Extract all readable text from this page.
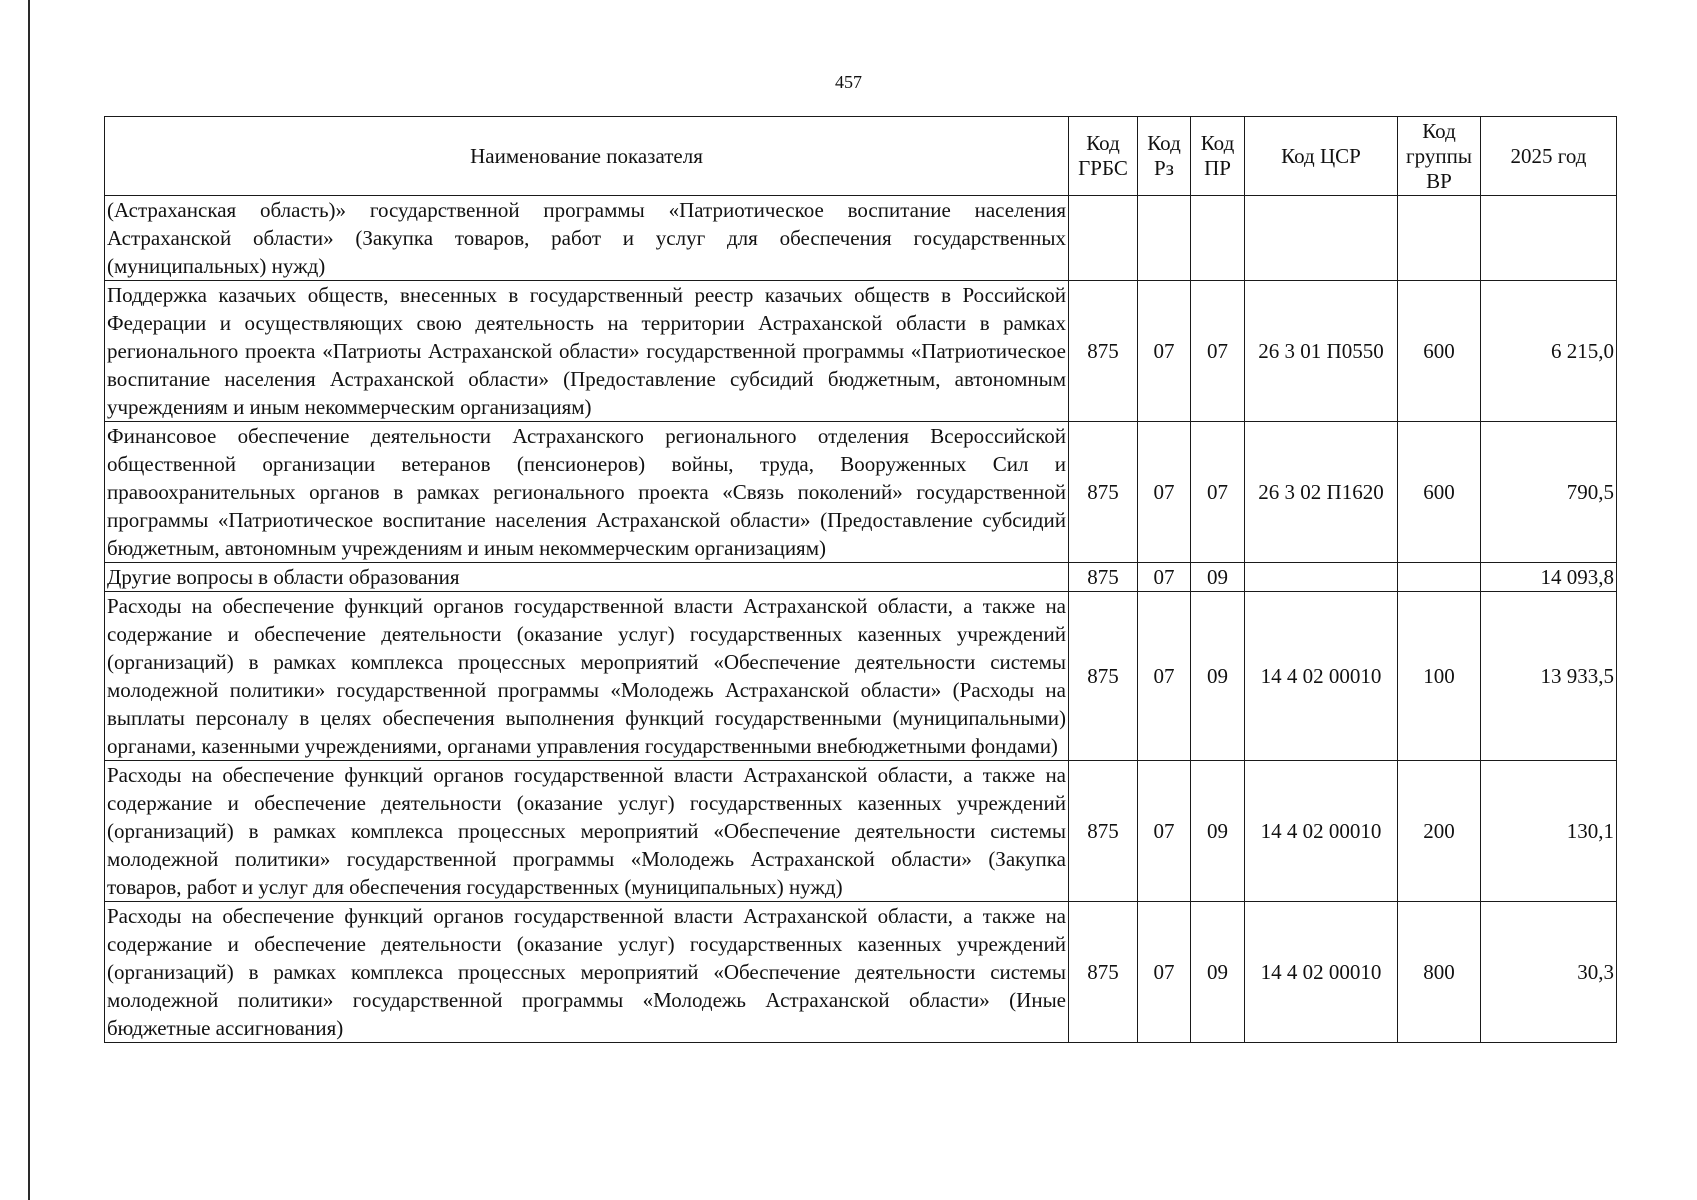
457
Наименование показателя	Код ГРБС	Код Рз	Код ПР	Код ЦСР	Код группы ВР	2025 год
(Астраханская область)» государственной программы «Патриотическое воспитание населения Астраханской области» (Закупка товаров, работ и услуг для обеспечения государственных (муниципальных) нужд)						
Поддержка казачьих обществ, внесенных в государственный реестр казачьих обществ в Российской Федерации и осуществляющих свою деятельность на территории Астраханской области в рамках регионального проекта «Патриоты Астраханской области» государственной программы «Патриотическое воспитание населения Астраханской области» (Предоставление субсидий бюджетным, автономным учреждениям и иным некоммерческим организациям)	875	07	07	26 3 01 П0550	600	6 215,0
Финансовое обеспечение деятельности Астраханского регионального отделения Всероссийской общественной организации ветеранов (пенсионеров) войны, труда, Вооруженных Сил и правоохранительных органов в рамках регионального проекта «Связь поколений» государственной программы «Патриотическое воспитание населения Астраханской области» (Предоставление субсидий бюджетным, автономным учреждениям и иным некоммерческим организациям)	875	07	07	26 3 02 П1620	600	790,5
Другие вопросы в области образования	875	07	09			14 093,8
Расходы на обеспечение функций органов государственной власти Астраханской области, а также на содержание и обеспечение деятельности (оказание услуг) государственных казенных учреждений (организаций) в рамках комплекса процессных мероприятий «Обеспечение деятельности системы молодежной политики» государственной программы «Молодежь Астраханской области» (Расходы на выплаты персоналу в целях обеспечения выполнения функций государственными (муниципальными) органами, казенными учреждениями, органами управления государственными внебюджетными фондами)	875	07	09	14 4 02 00010	100	13 933,5
Расходы на обеспечение функций органов государственной власти Астраханской области, а также на содержание и обеспечение деятельности (оказание услуг) государственных казенных учреждений (организаций) в рамках комплекса процессных мероприятий «Обеспечение деятельности системы молодежной политики» государственной программы «Молодежь Астраханской области» (Закупка товаров, работ и услуг для обеспечения государственных (муниципальных) нужд)	875	07	09	14 4 02 00010	200	130,1
Расходы на обеспечение функций органов государственной власти Астраханской области, а также на содержание и обеспечение деятельности (оказание услуг) государственных казенных учреждений (организаций) в рамках комплекса процессных мероприятий «Обеспечение деятельности системы молодежной политики» государственной программы «Молодежь Астраханской области» (Иные бюджетные ассигнования)	875	07	09	14 4 02 00010	800	30,3
